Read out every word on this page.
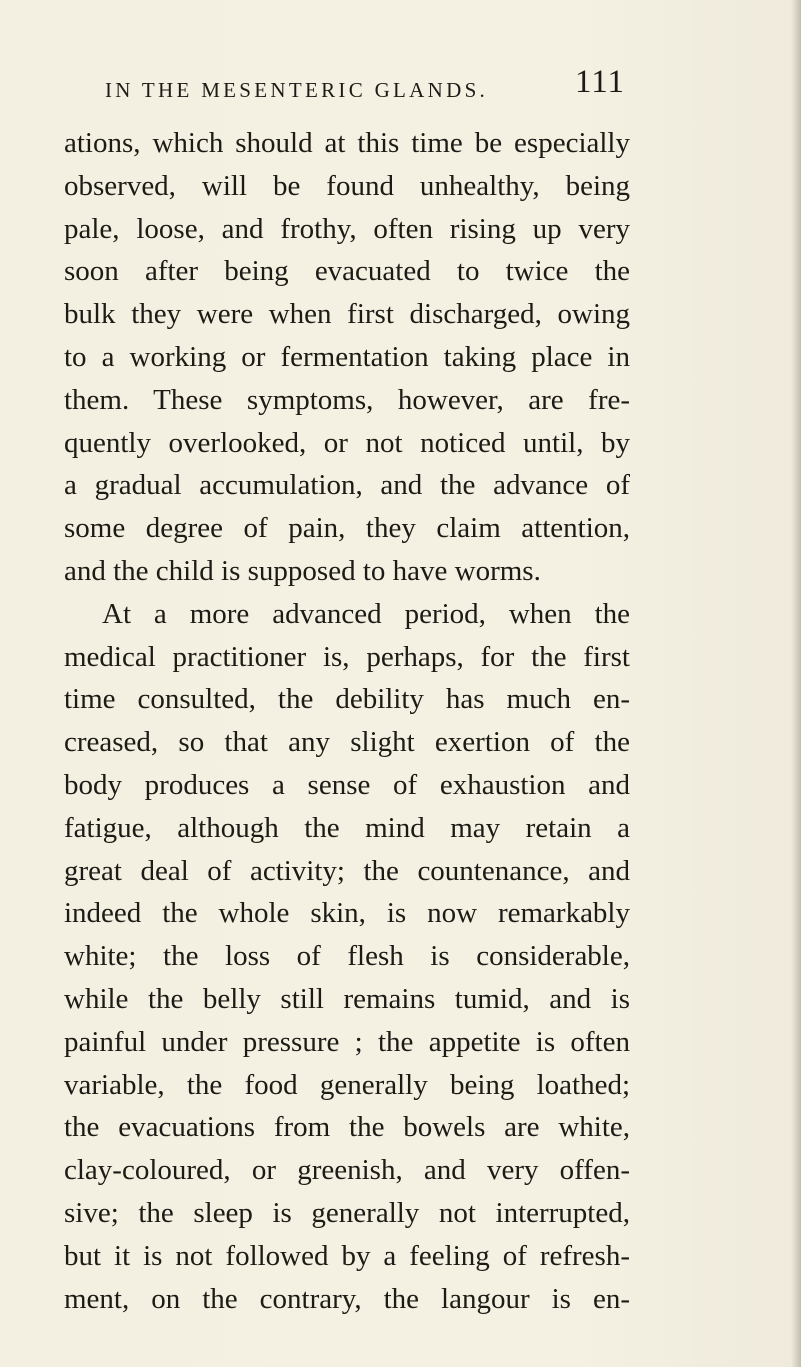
IN THE MESENTERIC GLANDS.	111
ations, which should at this time be especially
observed, will be found unhealthy, being
pale, loose, and frothy, often rising up very
soon after being evacuated to twice the
bulk they were when first discharged, owing
to a working or fermentation taking place in
them. These symptoms, however, are fre-
quently overlooked, or not noticed until, by
a gradual accumulation, and the advance of
some degree of pain, they claim attention,
and the child is supposed to have worms.
At a more advanced period, when the
medical practitioner is, perhaps, for the first
time consulted, the debility has much en-
creased, so that any slight exertion of the
body produces a sense of exhaustion and
fatigue, although the mind may retain a
great deal of activity; the countenance, and
indeed the whole skin, is now remarkably
white; the loss of flesh is considerable,
while the belly still remains tumid, and is
painful under pressure ; the appetite is often
variable, the food generally being loathed;
the evacuations from the bowels are white,
clay-coloured, or greenish, and very offen-
sive; the sleep is generally not interrupted,
but it is not followed by a feeling of refresh-
ment, on the contrary, the langour is en-
